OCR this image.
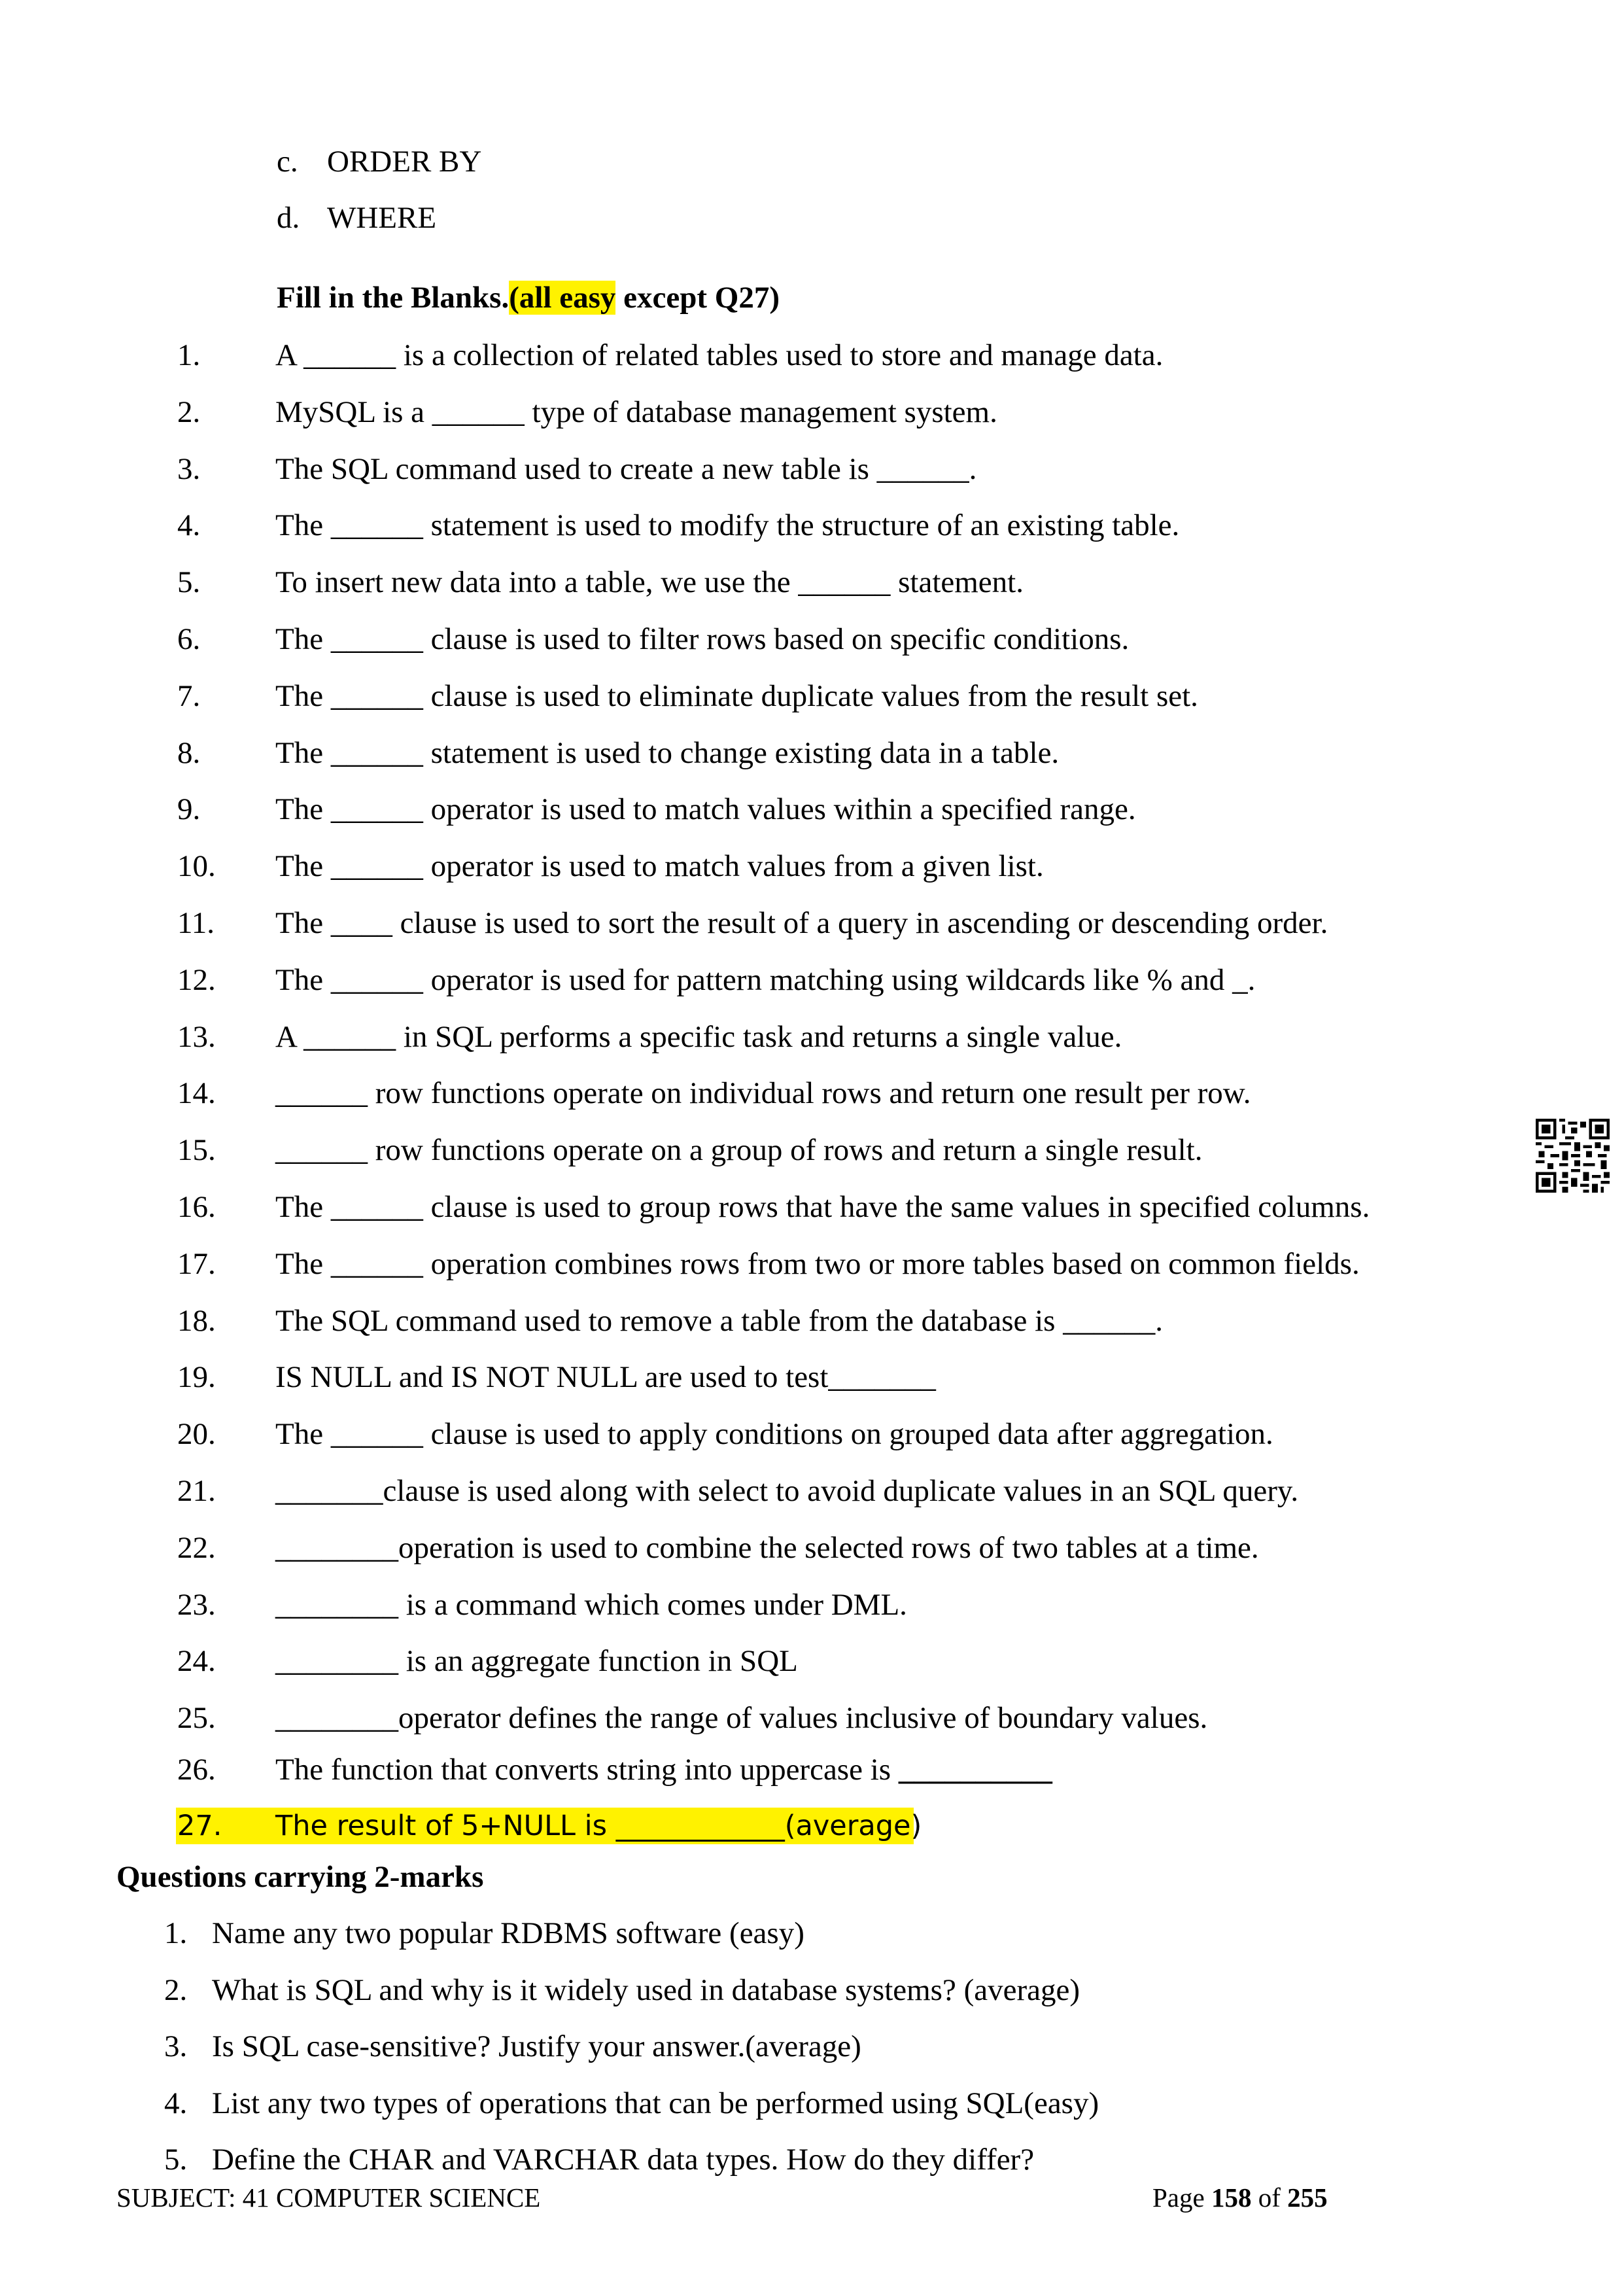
c. ORDER BY
d. WHERE
Fill in the Blanks.(all easy except Q27)
1. A ______ is a collection of related tables used to store and manage data.
2. MySQL is a ______ type of database management system.
3. The SQL command used to create a new table is ______.
4. The ______ statement is used to modify the structure of an existing table.
5. To insert new data into a table, we use the ______ statement.
6. The ______ clause is used to filter rows based on specific conditions.
7. The ______ clause is used to eliminate duplicate values from the result set.
8. The ______ statement is used to change existing data in a table.
9. The ______ operator is used to match values within a specified range.
10. The ______ operator is used to match values from a given list.
11. The ____ clause is used to sort the result of a query in ascending or descending order.
12. The ______ operator is used for pattern matching using wildcards like % and _.
13. A ______ in SQL performs a specific task and returns a single value.
14. ______ row functions operate on individual rows and return one result per row.
15. ______ row functions operate on a group of rows and return a single result.
16. The ______ clause is used to group rows that have the same values in specified columns.
17. The ______ operation combines rows from two or more tables based on common fields.
18. The SQL command used to remove a table from the database is ______.
19. IS NULL and IS NOT NULL are used to test_______
20. The ______ clause is used to apply conditions on grouped data after aggregation.
21. _______clause is used along with select to avoid duplicate values in an SQL query.
22. ________operation is used to combine the selected rows of two tables at a time.
23. ________ is a command which comes under DML.
24. ________ is an aggregate function in SQL
25. ________operator defines the range of values inclusive of boundary values.
26. The function that converts string into uppercase is __________
27. The result of 5+NULL is ____________(average)
Questions carrying 2-marks
1. Name any two popular RDBMS software (easy)
2. What is SQL and why is it widely used in database systems? (average)
3. Is SQL case-sensitive? Justify your answer.(average)
4. List any two types of operations that can be performed using SQL(easy)
5. Define the CHAR and VARCHAR data types. How do they differ?
SUBJECT: 41 COMPUTER SCIENCE	Page 158 of 255
